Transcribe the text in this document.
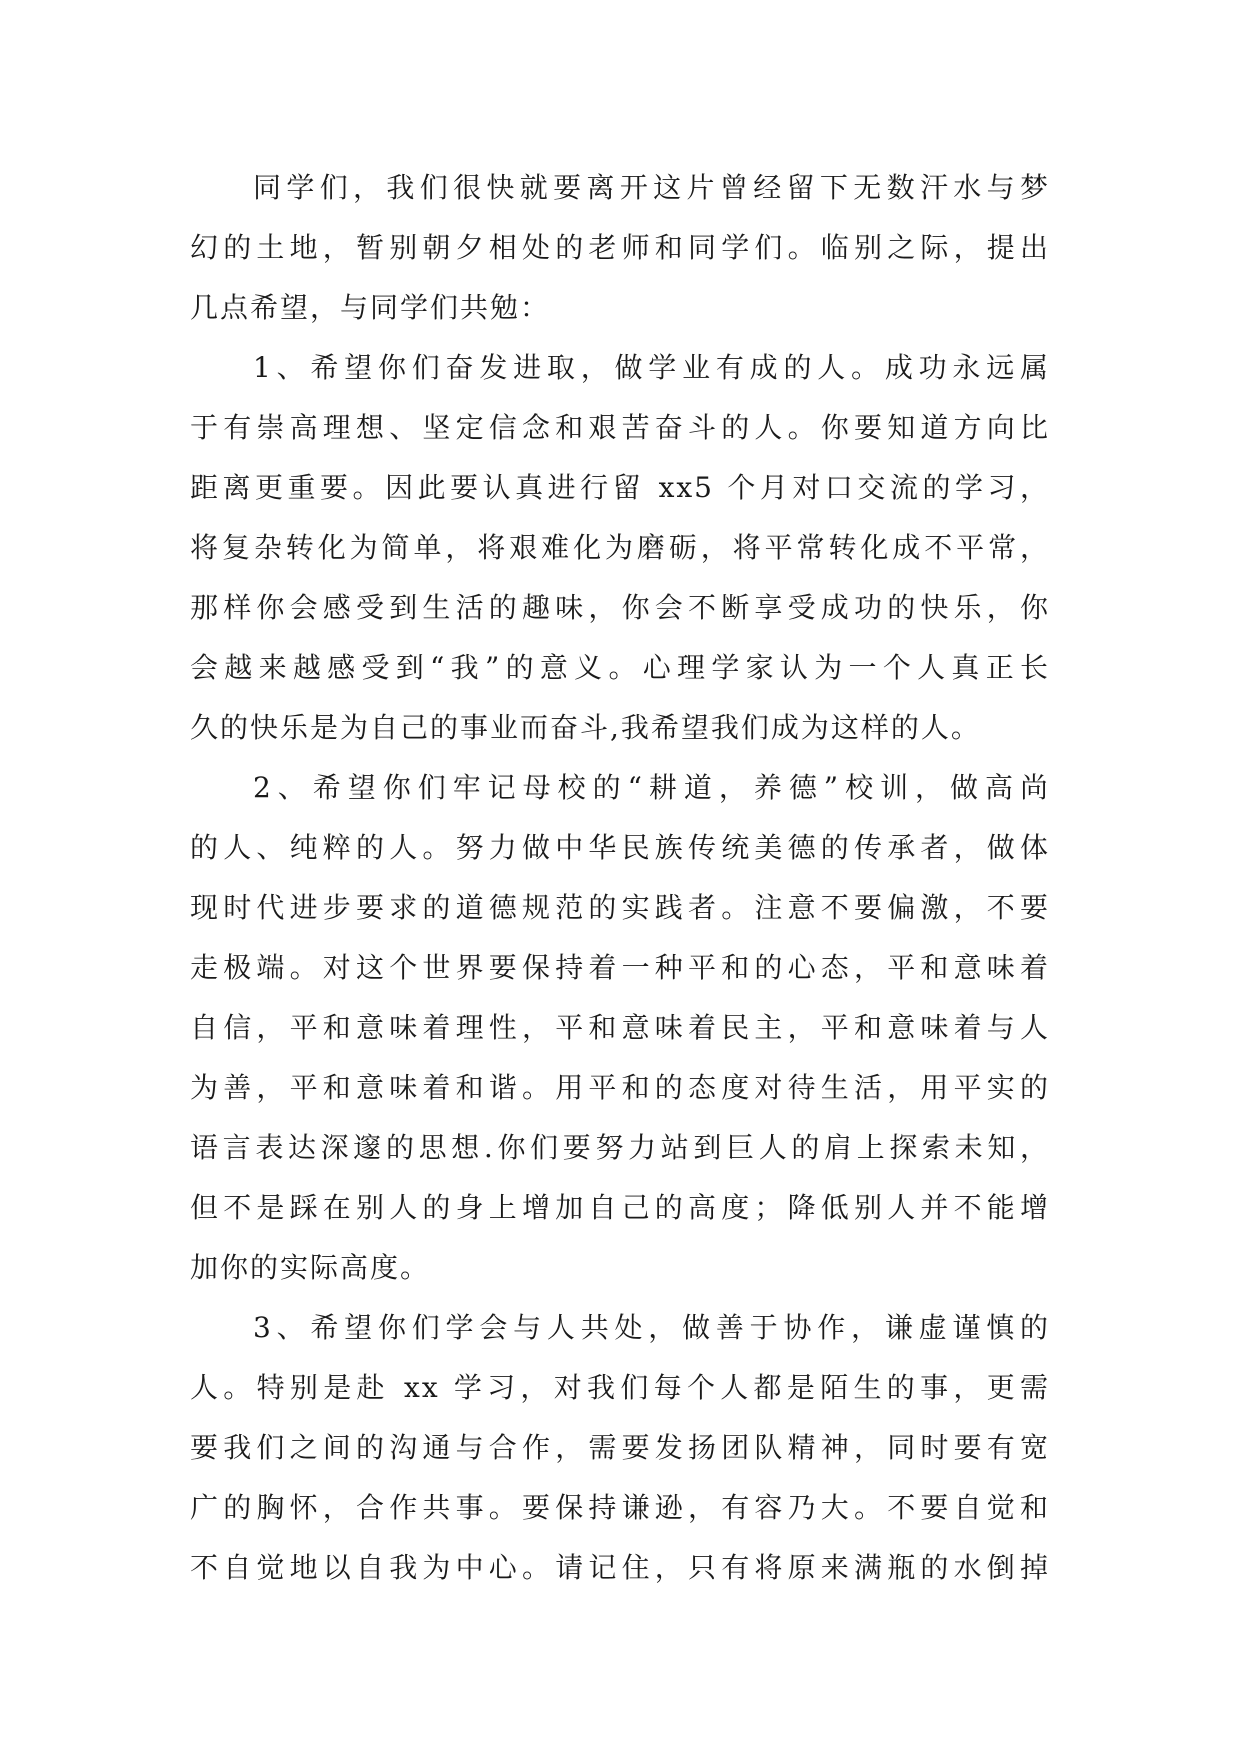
同学们，我们很快就要离开这片曾经留下无数汗水与梦
幻的土地，暂别朝夕相处的老师和同学们。临别之际，提出
几点希望，与同学们共勉：
1、希望你们奋发进取，做学业有成的人。成功永远属
于有崇高理想、坚定信念和艰苦奋斗的人。你要知道方向比
距离更重要。因此要认真进行留 xx5 个月对口交流的学习，
将复杂转化为简单，将艰难化为磨砺，将平常转化成不平常，
那样你会感受到生活的趣味，你会不断享受成功的快乐，你
会越来越感受到“我”的意义。心理学家认为一个人真正长
久的快乐是为自己的事业而奋斗,我希望我们成为这样的人。
2、希望你们牢记母校的“耕道，养德”校训，做高尚
的人、纯粹的人。努力做中华民族传统美德的传承者，做体
现时代进步要求的道德规范的实践者。注意不要偏激，不要
走极端。对这个世界要保持着一种平和的心态，平和意味着
自信，平和意味着理性，平和意味着民主，平和意味着与人
为善，平和意味着和谐。用平和的态度对待生活，用平实的
语言表达深邃的思想.你们要努力站到巨人的肩上探索未知，
但不是踩在别人的身上增加自己的高度；降低别人并不能增
加你的实际高度。
3、希望你们学会与人共处，做善于协作，谦虚谨慎的
人。特别是赴 xx 学习，对我们每个人都是陌生的事，更需
要我们之间的沟通与合作，需要发扬团队精神，同时要有宽
广的胸怀，合作共事。要保持谦逊，有容乃大。不要自觉和
不自觉地以自我为中心。请记住，只有将原来满瓶的水倒掉
